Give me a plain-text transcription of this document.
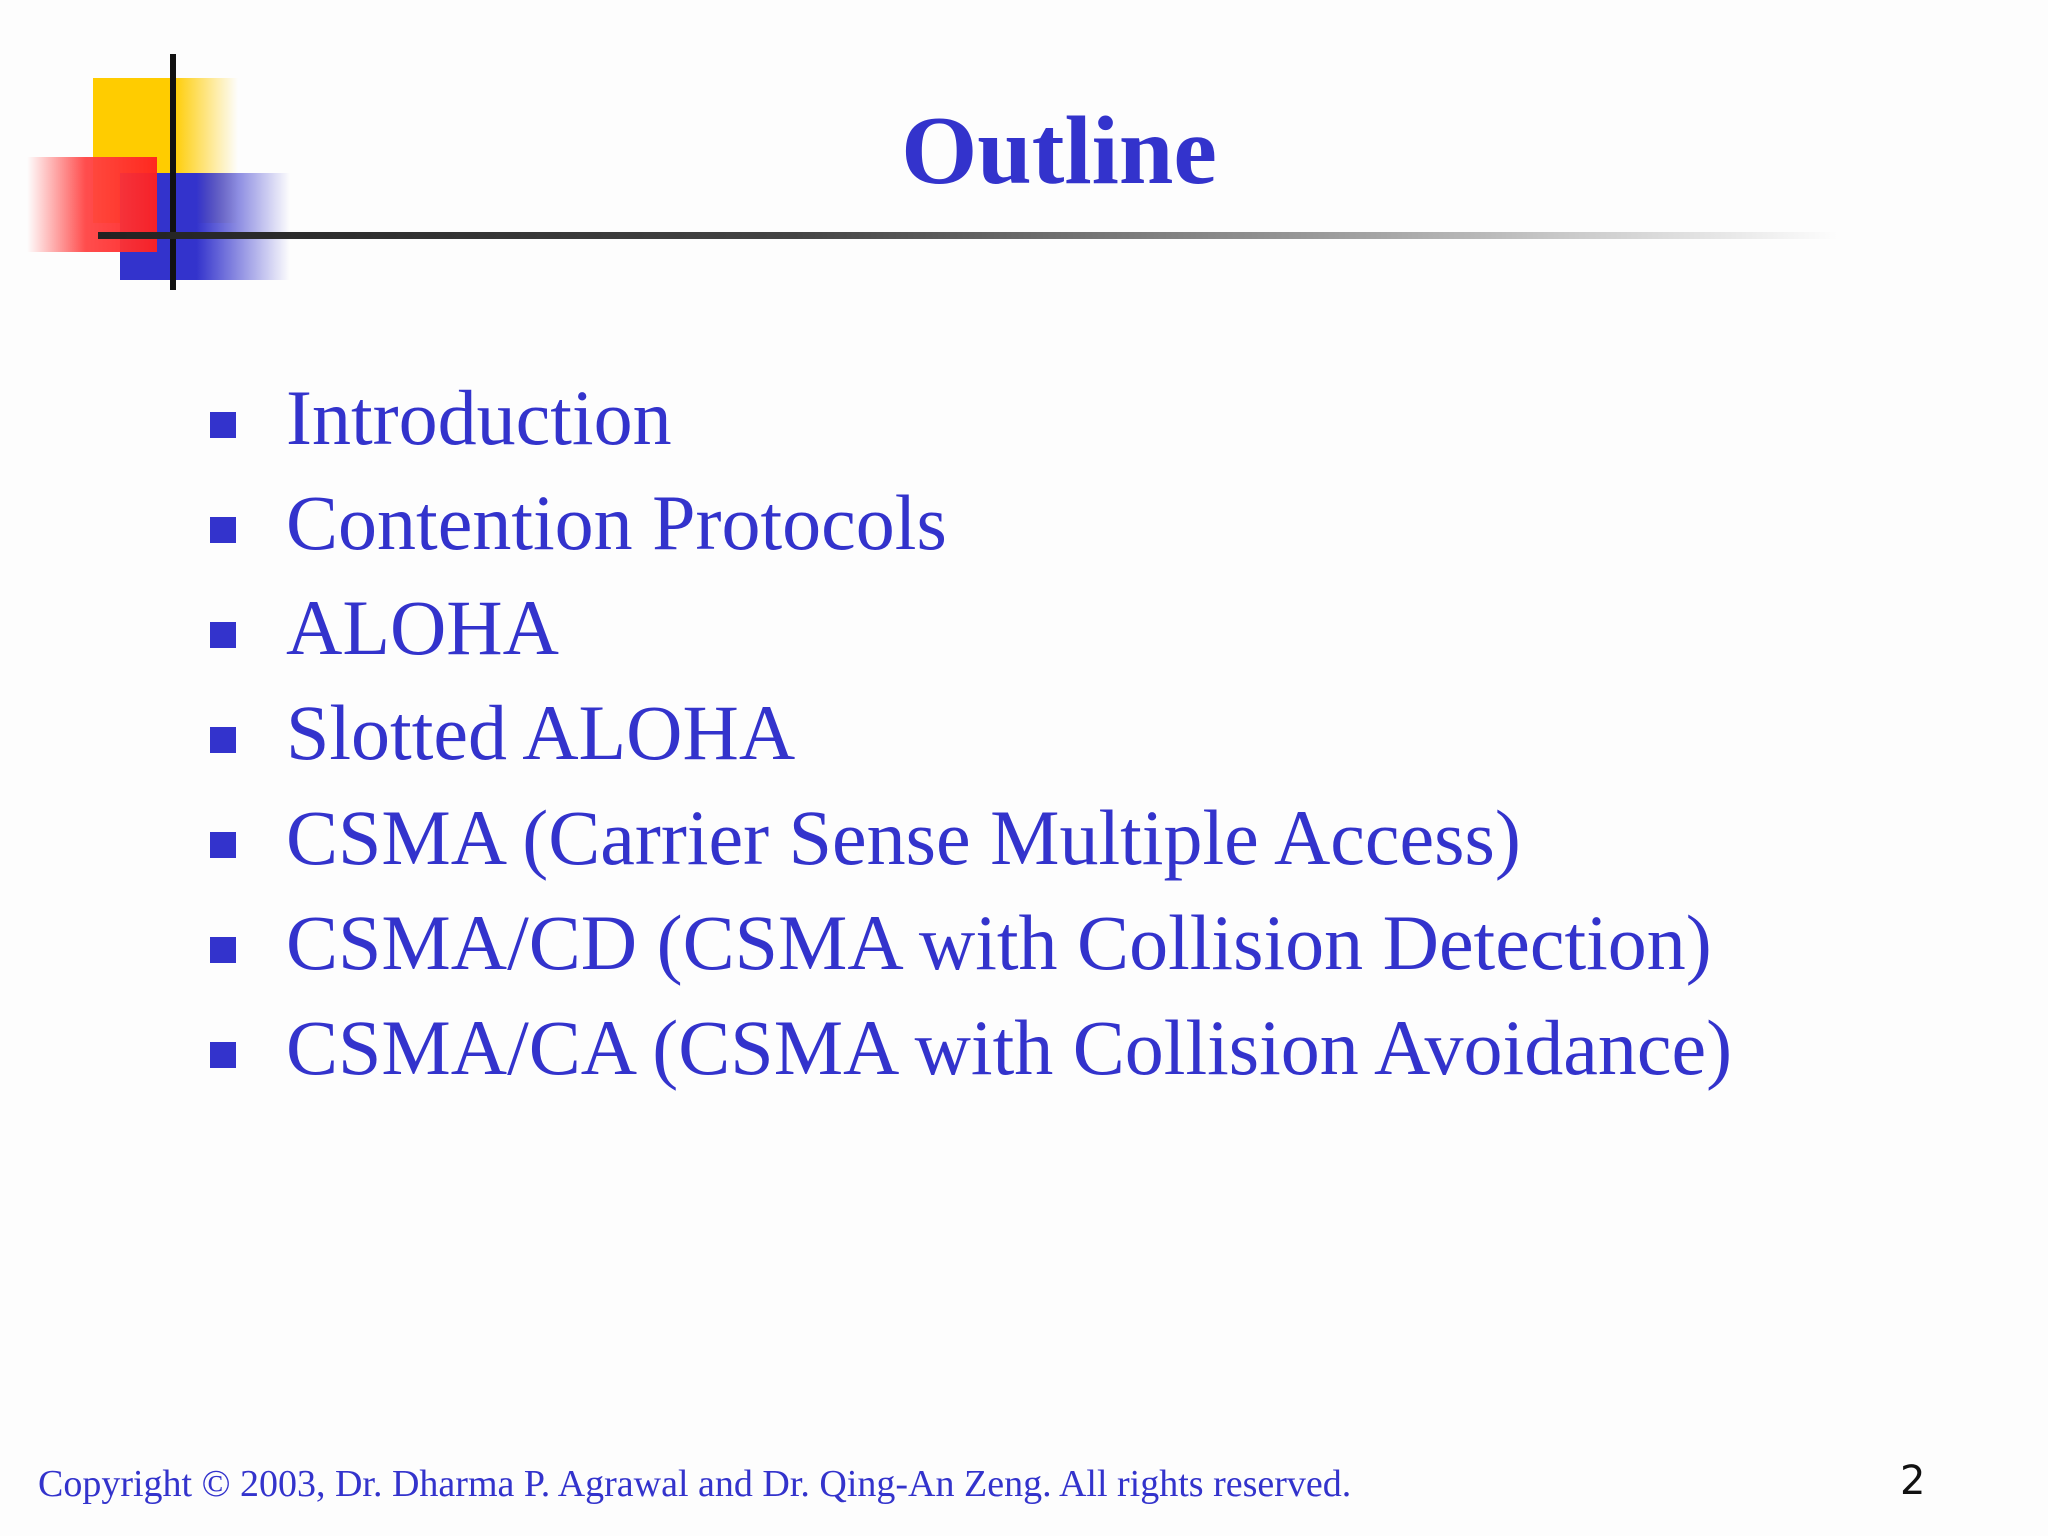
Outline
Introduction
Contention Protocols
ALOHA
Slotted ALOHA
CSMA (Carrier Sense Multiple Access)
CSMA/CD (CSMA with Collision Detection)
CSMA/CA (CSMA with Collision Avoidance)
Copyright © 2003, Dr. Dharma P. Agrawal and Dr. Qing-An Zeng. All rights reserved.	2
